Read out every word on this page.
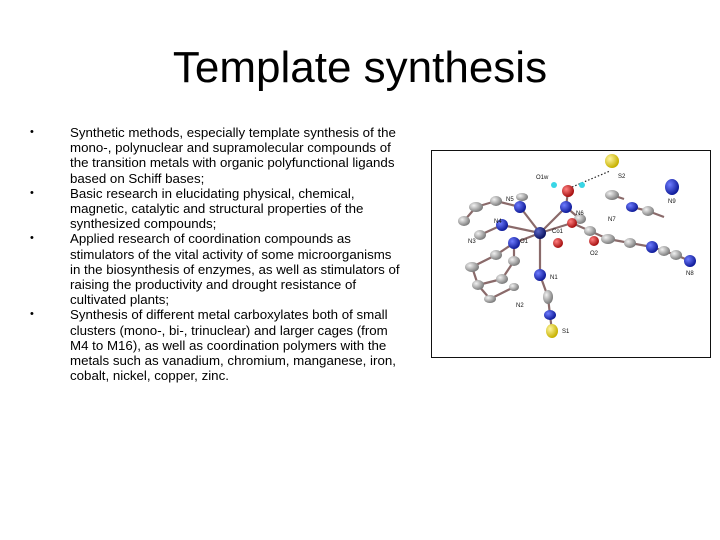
Template synthesis
•	Synthetic methods, especially template synthesis of the mono-, polynuclear and supramolecular compounds of the transition metals with organic polyfunctional ligands based on Schiff bases;
•	Basic research in elucidating physical, chemical, magnetic, catalytic and structural properties of the synthesized compounds;
•	Applied research of coordination compounds as stimulators of the vital activity of some microorganisms in the biosynthesis of enzymes, as well as stimulators of raising the productivity and drought resistance of cultivated plants;
•	Synthesis of different metal carboxylates both of small clusters (mono-, bi-, trinuclear) and larger cages (from M4 to M16), as well as coordination polymers with the metals such as vanadium, chromium, manganese, iron, cobalt, nickel, copper, zinc.
O1w	S2
N9
N5
N6
N7
N4
N3	O1
Co1
O2
N8
N1
N2
S1
